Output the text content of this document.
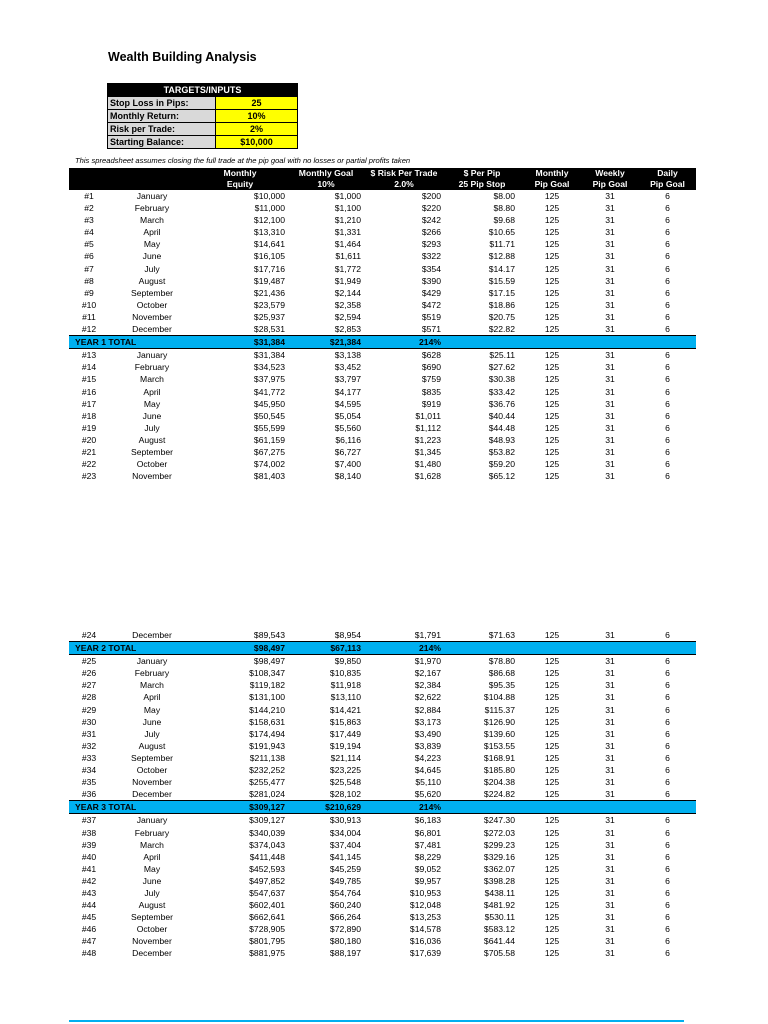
Wealth Building Analysis
TARGETS/INPUTS
Stop Loss in Pips:	25
Monthly Return:	10%
Risk per Trade:	2%
Starting Balance:	$10,000
This spreadsheet assumes closing the full trade at the pip goal with no losses or partial profits taken
		Monthly	Monthly Goal	$ Risk Per Trade	$ Per Pip	Monthly	Weekly	Daily
		Equity	10%	2.0%	25 Pip Stop	Pip Goal	Pip Goal	Pip Goal
#1	January	$10,000	$1,000	$200	$8.00	125	31	6
#2	February	$11,000	$1,100	$220	$8.80	125	31	6
#3	March	$12,100	$1,210	$242	$9.68	125	31	6
#4	April	$13,310	$1,331	$266	$10.65	125	31	6
#5	May	$14,641	$1,464	$293	$11.71	125	31	6
#6	June	$16,105	$1,611	$322	$12.88	125	31	6
#7	July	$17,716	$1,772	$354	$14.17	125	31	6
#8	August	$19,487	$1,949	$390	$15.59	125	31	6
#9	September	$21,436	$2,144	$429	$17.15	125	31	6
#10	October	$23,579	$2,358	$472	$18.86	125	31	6
#11	November	$25,937	$2,594	$519	$20.75	125	31	6
#12	December	$28,531	$2,853	$571	$22.82	125	31	6
YEAR 1 TOTAL		$31,384	$21,384	214%				
#13	January	$31,384	$3,138	$628	$25.11	125	31	6
#14	February	$34,523	$3,452	$690	$27.62	125	31	6
#15	March	$37,975	$3,797	$759	$30.38	125	31	6
#16	April	$41,772	$4,177	$835	$33.42	125	31	6
#17	May	$45,950	$4,595	$919	$36.76	125	31	6
#18	June	$50,545	$5,054	$1,011	$40.44	125	31	6
#19	July	$55,599	$5,560	$1,112	$44.48	125	31	6
#20	August	$61,159	$6,116	$1,223	$48.93	125	31	6
#21	September	$67,275	$6,727	$1,345	$53.82	125	31	6
#22	October	$74,002	$7,400	$1,480	$59.20	125	31	6
#23	November	$81,403	$8,140	$1,628	$65.12	125	31	6
#24	December	$89,543	$8,954	$1,791	$71.63	125	31	6
YEAR 2 TOTAL		$98,497	$67,113	214%				
#25	January	$98,497	$9,850	$1,970	$78.80	125	31	6
#26	February	$108,347	$10,835	$2,167	$86.68	125	31	6
#27	March	$119,182	$11,918	$2,384	$95.35	125	31	6
#28	April	$131,100	$13,110	$2,622	$104.88	125	31	6
#29	May	$144,210	$14,421	$2,884	$115.37	125	31	6
#30	June	$158,631	$15,863	$3,173	$126.90	125	31	6
#31	July	$174,494	$17,449	$3,490	$139.60	125	31	6
#32	August	$191,943	$19,194	$3,839	$153.55	125	31	6
#33	September	$211,138	$21,114	$4,223	$168.91	125	31	6
#34	October	$232,252	$23,225	$4,645	$185.80	125	31	6
#35	November	$255,477	$25,548	$5,110	$204.38	125	31	6
#36	December	$281,024	$28,102	$5,620	$224.82	125	31	6
YEAR 3 TOTAL		$309,127	$210,629	214%				
#37	January	$309,127	$30,913	$6,183	$247.30	125	31	6
#38	February	$340,039	$34,004	$6,801	$272.03	125	31	6
#39	March	$374,043	$37,404	$7,481	$299.23	125	31	6
#40	April	$411,448	$41,145	$8,229	$329.16	125	31	6
#41	May	$452,593	$45,259	$9,052	$362.07	125	31	6
#42	June	$497,852	$49,785	$9,957	$398.28	125	31	6
#43	July	$547,637	$54,764	$10,953	$438.11	125	31	6
#44	August	$602,401	$60,240	$12,048	$481.92	125	31	6
#45	September	$662,641	$66,264	$13,253	$530.11	125	31	6
#46	October	$728,905	$72,890	$14,578	$583.12	125	31	6
#47	November	$801,795	$80,180	$16,036	$641.44	125	31	6
#48	December	$881,975	$88,197	$17,639	$705.58	125	31	6
